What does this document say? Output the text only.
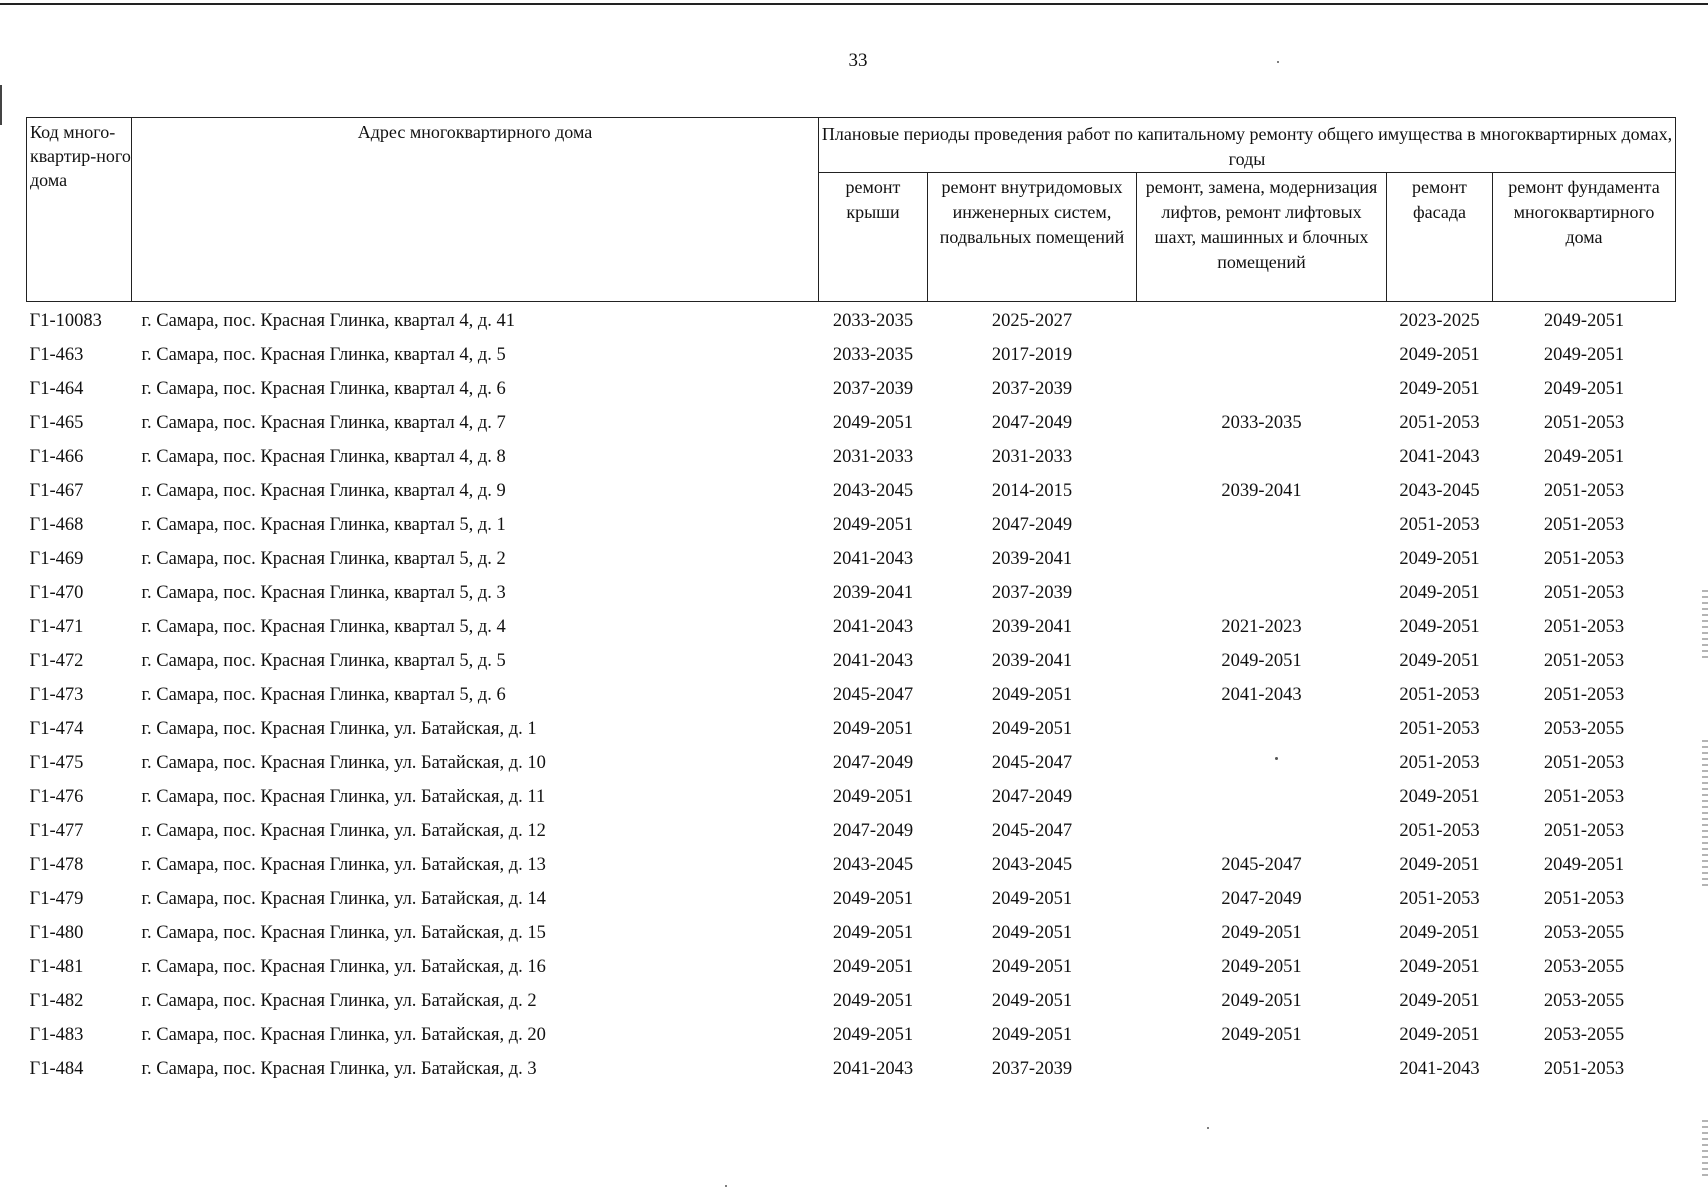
33
Код много-квартир-ного дома	Адрес многоквартирного дома	Плановые периоды проведения работ по капитальному ремонту общего имущества в многоквартирных домах, годы				
		ремонт крыши	ремонт внутридомовых инженерных систем, подвальных помещений	ремонт, замена, модернизация лифтов, ремонт лифтовых шахт, машинных и блочных помещений	ремонт фасада	ремонт фундамента многоквартирного дома
Г1-10083	г. Самара, пос. Красная Глинка, квартал 4, д. 41	2033-2035	2025-2027		2023-2025	2049-2051
Г1-463	г. Самара, пос. Красная Глинка, квартал 4, д. 5	2033-2035	2017-2019		2049-2051	2049-2051
Г1-464	г. Самара, пос. Красная Глинка, квартал 4, д. 6	2037-2039	2037-2039		2049-2051	2049-2051
Г1-465	г. Самара, пос. Красная Глинка, квартал 4, д. 7	2049-2051	2047-2049	2033-2035	2051-2053	2051-2053
Г1-466	г. Самара, пос. Красная Глинка, квартал 4, д. 8	2031-2033	2031-2033		2041-2043	2049-2051
Г1-467	г. Самара, пос. Красная Глинка, квартал 4, д. 9	2043-2045	2014-2015	2039-2041	2043-2045	2051-2053
Г1-468	г. Самара, пос. Красная Глинка, квартал 5, д. 1	2049-2051	2047-2049		2051-2053	2051-2053
Г1-469	г. Самара, пос. Красная Глинка, квартал 5, д. 2	2041-2043	2039-2041		2049-2051	2051-2053
Г1-470	г. Самара, пос. Красная Глинка, квартал 5, д. 3	2039-2041	2037-2039		2049-2051	2051-2053
Г1-471	г. Самара, пос. Красная Глинка, квартал 5, д. 4	2041-2043	2039-2041	2021-2023	2049-2051	2051-2053
Г1-472	г. Самара, пос. Красная Глинка, квартал 5, д. 5	2041-2043	2039-2041	2049-2051	2049-2051	2051-2053
Г1-473	г. Самара, пос. Красная Глинка, квартал 5, д. 6	2045-2047	2049-2051	2041-2043	2051-2053	2051-2053
Г1-474	г. Самара, пос. Красная Глинка, ул. Батайская, д. 1	2049-2051	2049-2051		2051-2053	2053-2055
Г1-475	г. Самара, пос. Красная Глинка, ул. Батайская, д. 10	2047-2049	2045-2047		2051-2053	2051-2053
Г1-476	г. Самара, пос. Красная Глинка, ул. Батайская, д. 11	2049-2051	2047-2049		2049-2051	2051-2053
Г1-477	г. Самара, пос. Красная Глинка, ул. Батайская, д. 12	2047-2049	2045-2047		2051-2053	2051-2053
Г1-478	г. Самара, пос. Красная Глинка, ул. Батайская, д. 13	2043-2045	2043-2045	2045-2047	2049-2051	2049-2051
Г1-479	г. Самара, пос. Красная Глинка, ул. Батайская, д. 14	2049-2051	2049-2051	2047-2049	2051-2053	2051-2053
Г1-480	г. Самара, пос. Красная Глинка, ул. Батайская, д. 15	2049-2051	2049-2051	2049-2051	2049-2051	2053-2055
Г1-481	г. Самара, пос. Красная Глинка, ул. Батайская, д. 16	2049-2051	2049-2051	2049-2051	2049-2051	2053-2055
Г1-482	г. Самара, пос. Красная Глинка, ул. Батайская, д. 2	2049-2051	2049-2051	2049-2051	2049-2051	2053-2055
Г1-483	г. Самара, пос. Красная Глинка, ул. Батайская, д. 20	2049-2051	2049-2051	2049-2051	2049-2051	2053-2055
Г1-484	г. Самара, пос. Красная Глинка, ул. Батайская, д. 3	2041-2043	2037-2039		2041-2043	2051-2053
